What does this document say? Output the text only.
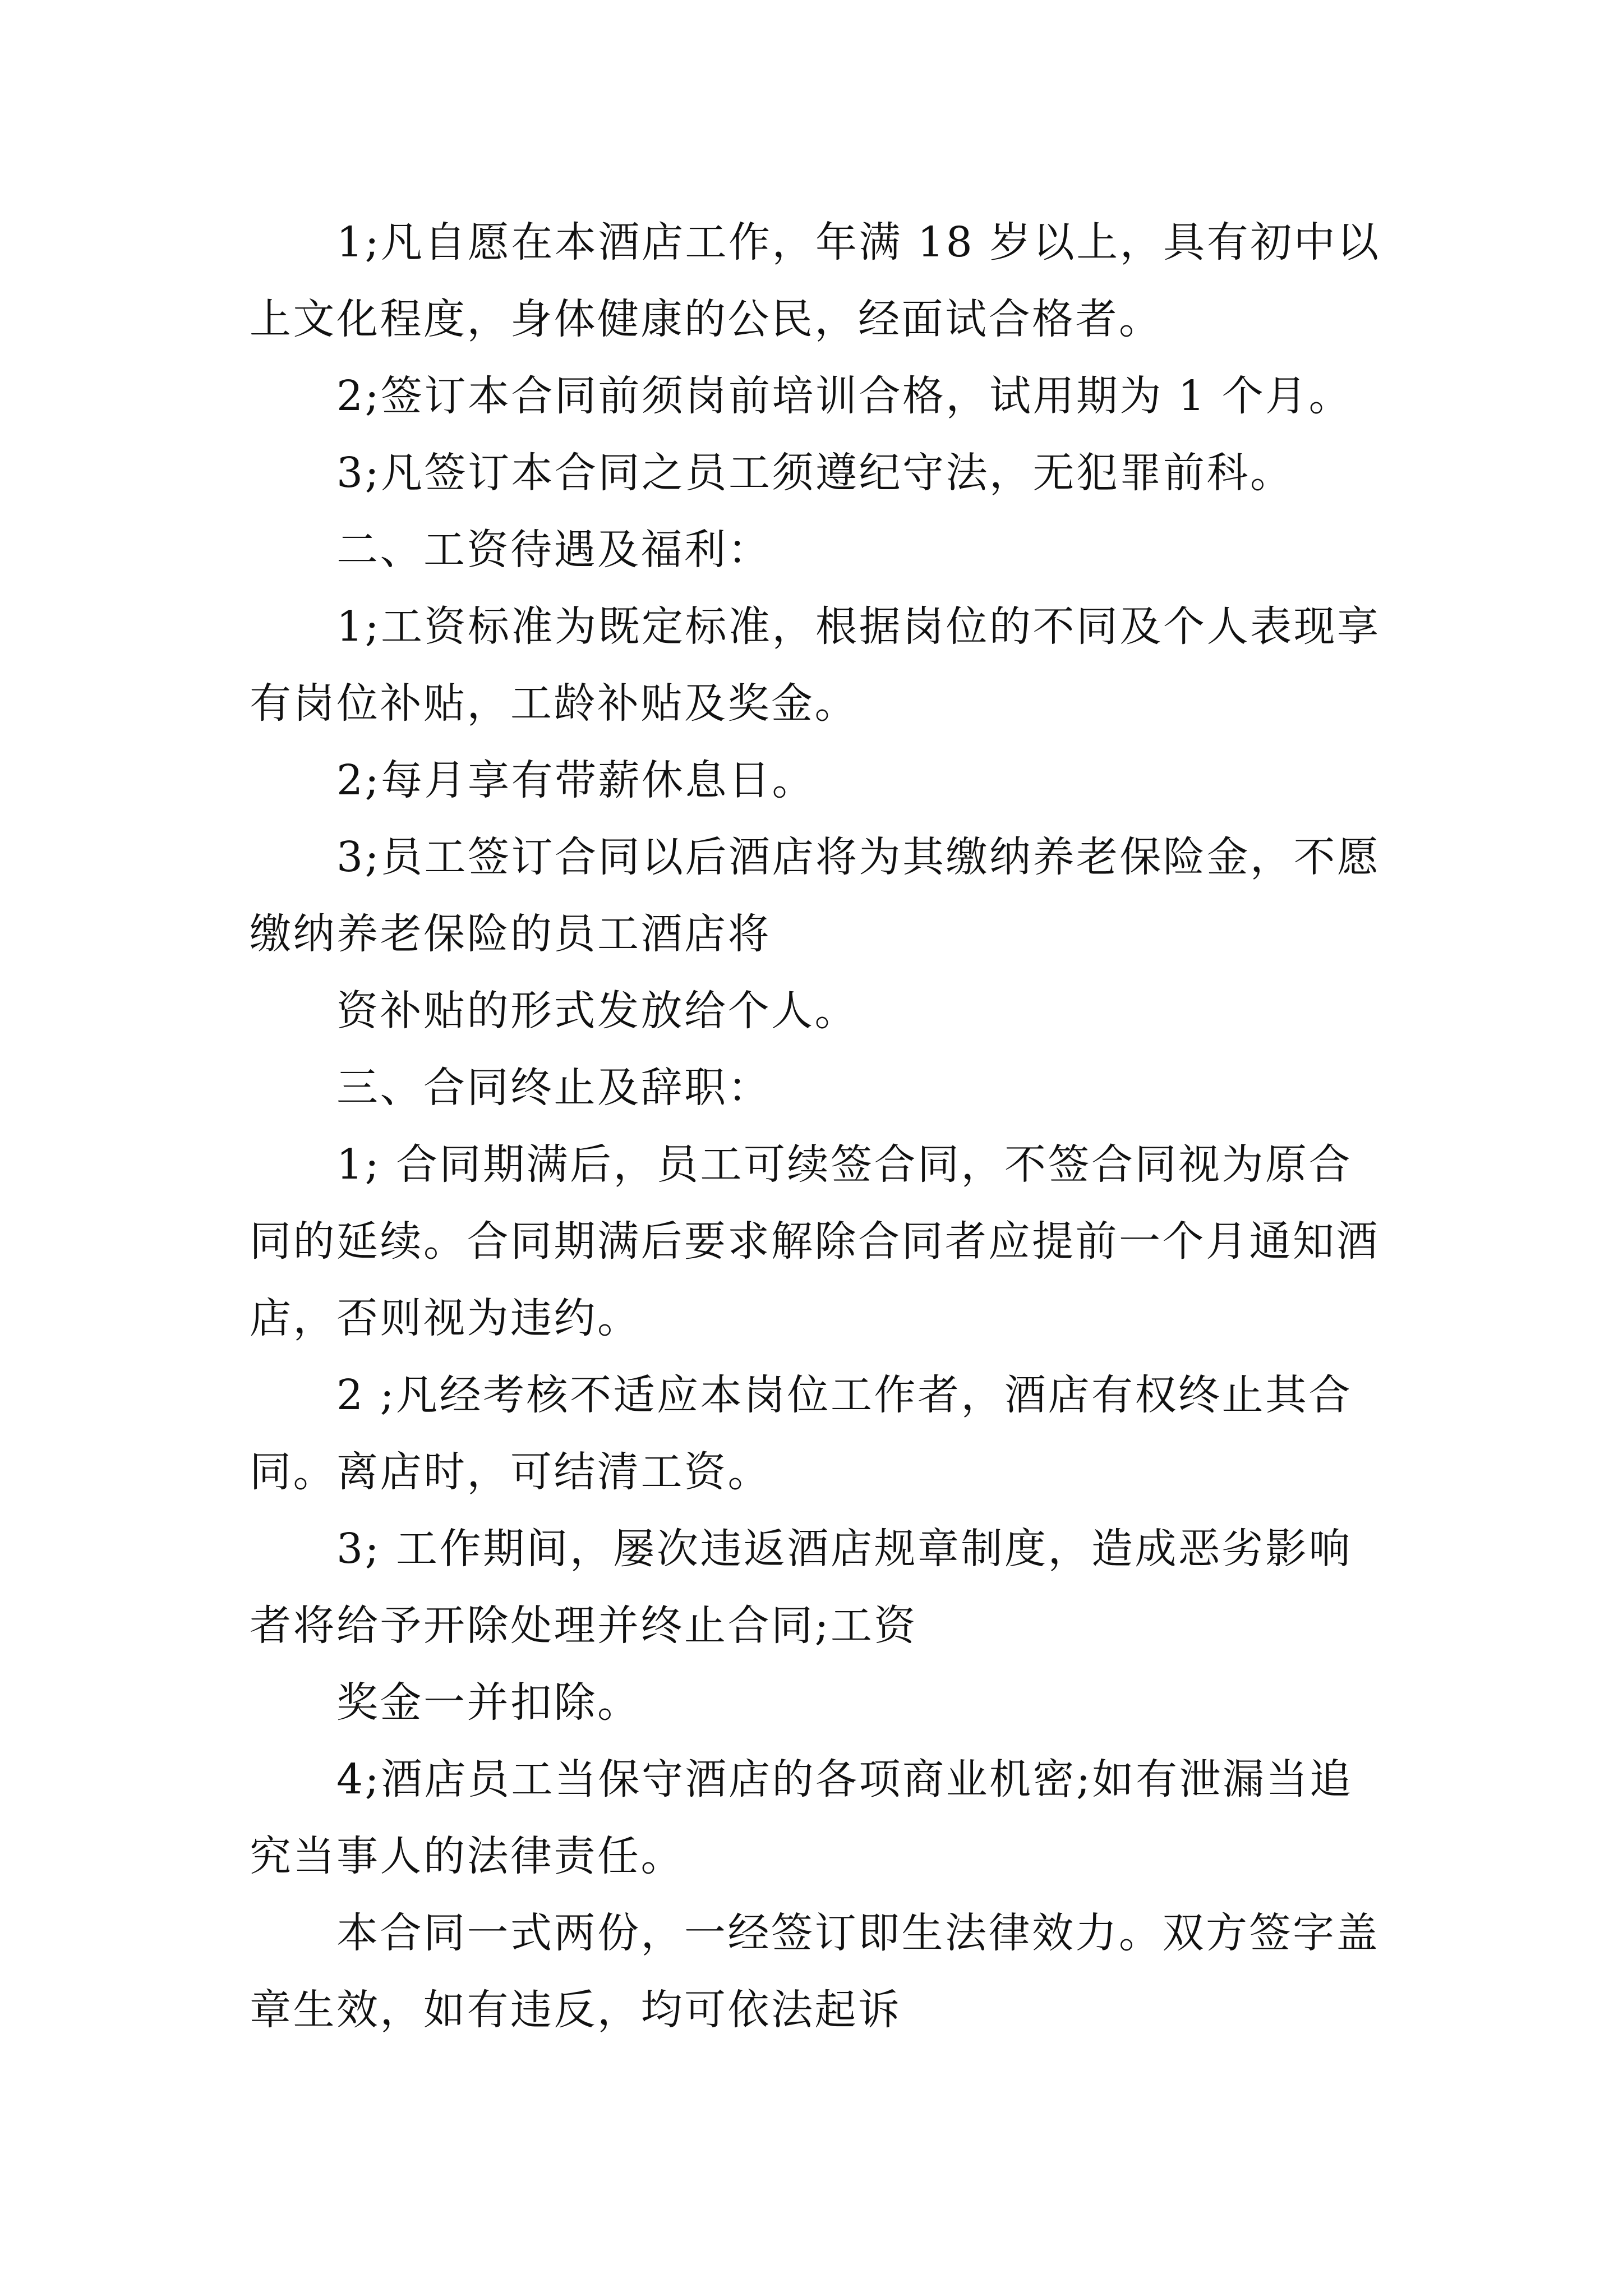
1;凡自愿在本酒店工作，年满 18 岁以上，具有初中以
上文化程度，身体健康的公民，经面试合格者。

2;签订本合同前须岗前培训合格，试用期为 1 个月。

3;凡签订本合同之员工须遵纪守法，无犯罪前科。

二、工资待遇及福利：

1;工资标准为既定标准，根据岗位的不同及个人表现享
有岗位补贴，工龄补贴及奖金。

2;每月享有带薪休息日。

3;员工签订合同以后酒店将为其缴纳养老保险金，不愿
缴纳养老保险的员工酒店将

资补贴的形式发放给个人。

三、合同终止及辞职：

1; 合同期满后，员工可续签合同，不签合同视为原合
同的延续。合同期满后要求解除合同者应提前一个月通知酒
店，否则视为违约。

2 ;凡经考核不适应本岗位工作者，酒店有权终止其合
同。离店时，可结清工资。

3; 工作期间，屡次违返酒店规章制度，造成恶劣影响
者将给予开除处理并终止合同;工资

奖金一并扣除。

4;酒店员工当保守酒店的各项商业机密;如有泄漏当追
究当事人的法律责任。

本合同一式两份，一经签订即生法律效力。双方签字盖
章生效，如有违反，均可依法起诉
